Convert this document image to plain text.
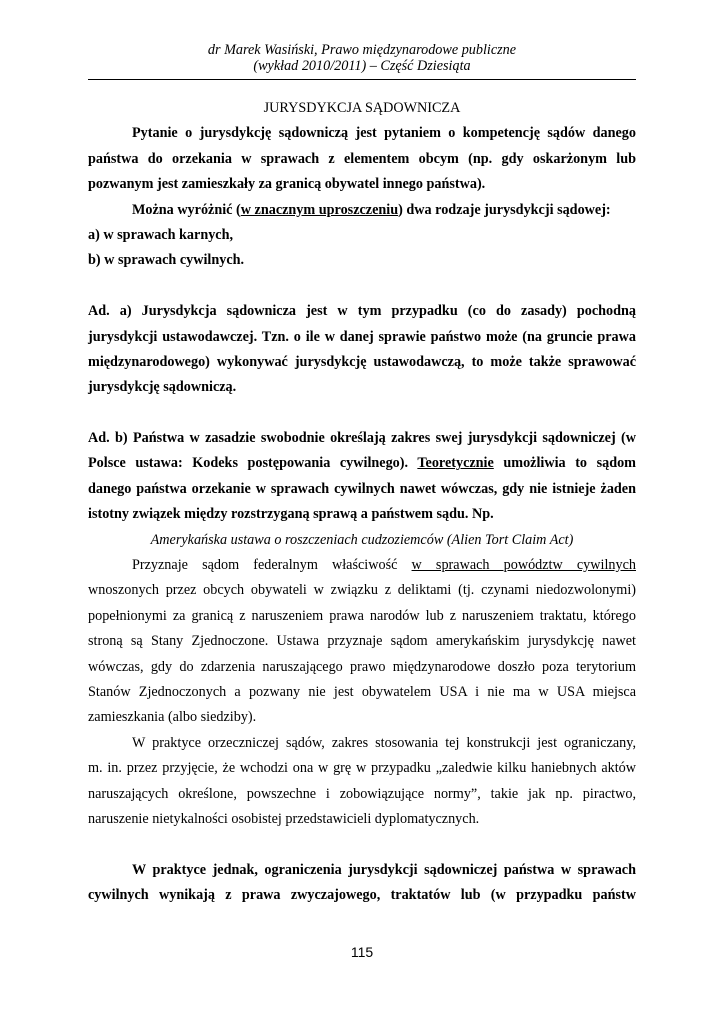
dr Marek Wasiński, Prawo międzynarodowe publiczne
(wykład 2010/2011) – Część Dziesiąta
JURYSDYKCJA SĄDOWNICZA
Pytanie o jurysdykcję sądowniczą jest pytaniem o kompetencję sądów danego
państwa do orzekania w sprawach z elementem obcym (np. gdy oskarżonym lub
pozwanym jest zamieszkały za granicą obywatel innego państwa).
Można wyróżnić (w znacznym uproszczeniu) dwa rodzaje jurysdykcji sądowej:
a) w sprawach karnych,
b) w sprawach cywilnych.
Ad. a) Jurysdykcja sądownicza jest w tym przypadku (co do zasady) pochodną
jurysdykcji ustawodawczej. Tzn. o ile w danej sprawie państwo może (na gruncie prawa
międzynarodowego) wykonywać jurysdykcję ustawodawczą, to może także sprawować
jurysdykcję sądowniczą.
Ad. b) Państwa w zasadzie swobodnie określają zakres swej jurysdykcji sądowniczej (w
Polsce ustawa: Kodeks postępowania cywilnego). Teoretycznie umożliwia to sądom
danego państwa orzekanie w sprawach cywilnych nawet wówczas, gdy nie istnieje żaden
istotny związek między rozstrzyganą sprawą a państwem sądu. Np.
Amerykańska ustawa o roszczeniach cudzoziemców (Alien Tort Claim Act)
Przyznaje sądom federalnym właściwość w sprawach powództw cywilnych
wnoszonych przez obcych obywateli w związku z deliktami (tj. czynami niedozwolonymi)
popełnionymi za granicą z naruszeniem prawa narodów lub z naruszeniem traktatu, którego
stroną są Stany Zjednoczone. Ustawa przyznaje sądom amerykańskim jurysdykcję nawet
wówczas, gdy do zdarzenia naruszającego prawo międzynarodowe doszło poza terytorium
Stanów Zjednoczonych a pozwany nie jest obywatelem USA i nie ma w USA miejsca
zamieszkania (albo siedziby).
W praktyce orzeczniczej sądów, zakres stosowania tej konstrukcji jest ograniczany,
m. in. przez przyjęcie, że wchodzi ona w grę w przypadku „zaledwie kilku haniebnych aktów
naruszających określone, powszechne i zobowiązujące normy”, takie jak np. piractwo,
naruszenie nietykalności osobistej przedstawicieli dyplomatycznych.
W praktyce jednak, ograniczenia jurysdykcji sądowniczej państwa w sprawach
cywilnych wynikają z prawa zwyczajowego, traktatów lub (w przypadku państw
115
